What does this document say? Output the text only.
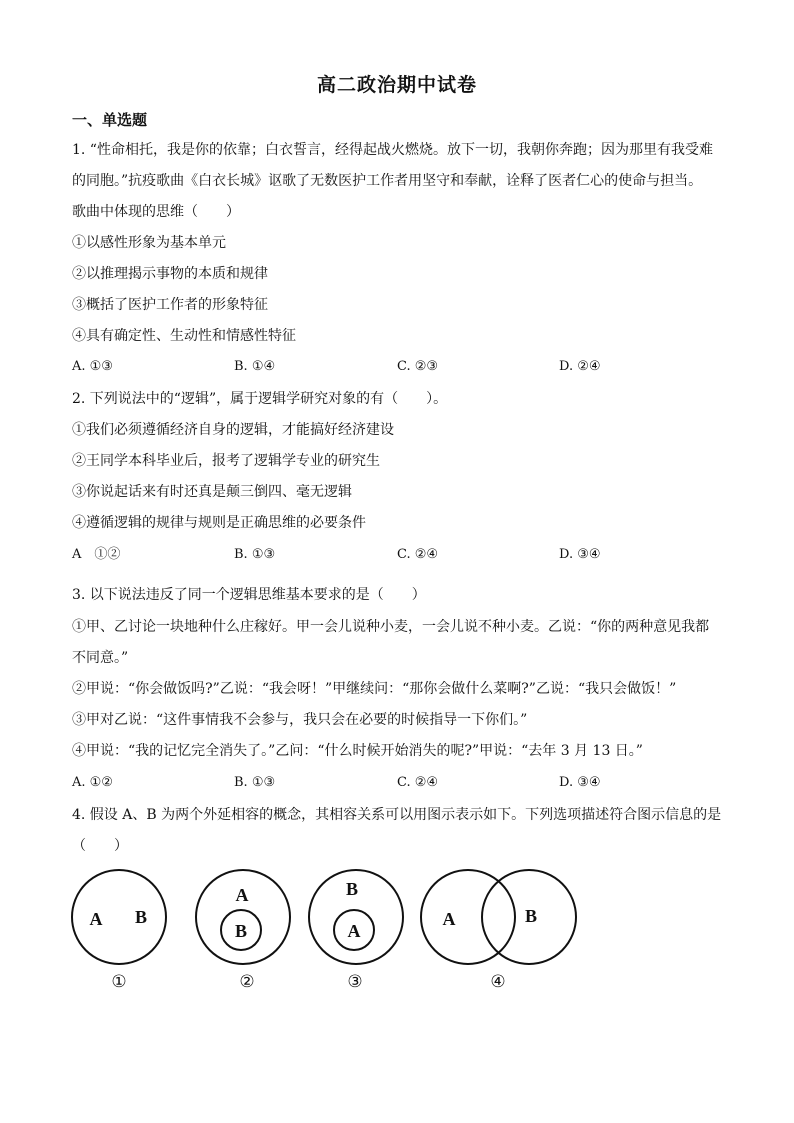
高二政治期中试卷
一、单选题
1. “性命相托，我是你的依靠；白衣誓言，经得起战火燃烧。放下一切，我朝你奔跑；因为那里有我受难
的同胞。”抗疫歌曲《白衣长城》讴歌了无数医护工作者用坚守和奉献，诠释了医者仁心的使命与担当。
歌曲中体现的思维（　　）
①以感性形象为基本单元
②以推理揭示事物的本质和规律
③概括了医护工作者的形象特征
④具有确定性、生动性和情感性特征
A. ①③	B. ①④	C. ②③	D. ②④
2. 下列说法中的“逻辑”，属于逻辑学研究对象的有（　　）。
①我们必须遵循经济自身的逻辑，才能搞好经济建设
②王同学本科毕业后，报考了逻辑学专业的研究生
③你说起话来有时还真是颠三倒四、毫无逻辑
④遵循逻辑的规律与规则是正确思维的必要条件
A　①②	B. ①③	C. ②④	D. ③④
3. 以下说法违反了同一个逻辑思维基本要求的是（　　）
①甲、乙讨论一块地种什么庄稼好。甲一会儿说种小麦，一会儿说不种小麦。乙说：“你的两种意见我都
不同意。”
②甲说：“你会做饭吗?”乙说：“我会呀！”甲继续问：“那你会做什么菜啊?”乙说：“我只会做饭！”
③甲对乙说：“这件事情我不会参与，我只会在必要的时候指导一下你们。”
④甲说：“我的记忆完全消失了。”乙问：“什么时候开始消失的呢?”甲说：“去年 3 月 13 日。”
A. ①②	B. ①③	C. ②④	D. ③④
4. 假设 A、B 为两个外延相容的概念，其相容关系可以用图示表示如下。下列选项描述符合图示信息的是
（　　）
A B
A
B
B
A
A	B
①	②	③	④
